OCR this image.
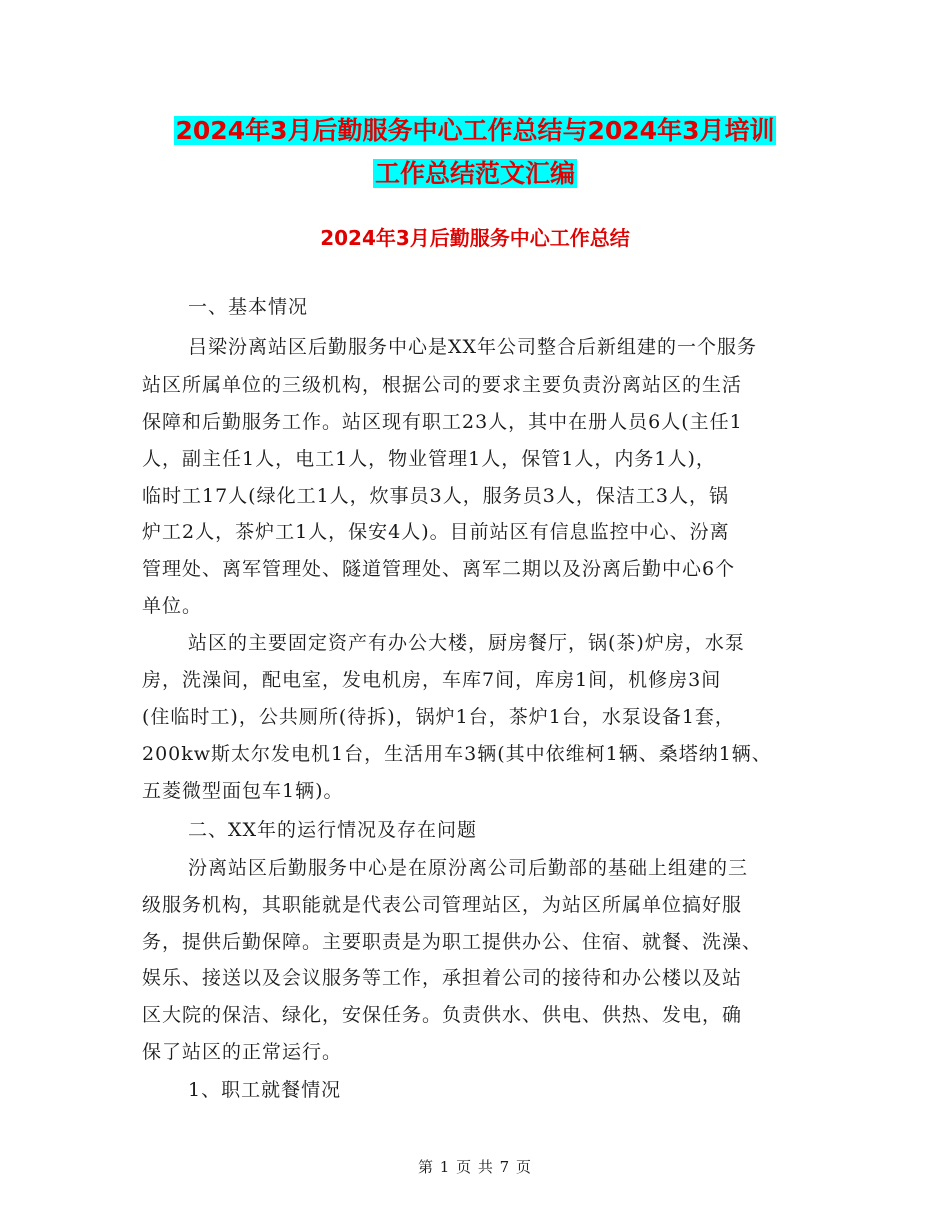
2024年3月后勤服务中心工作总结与2024年3月培训
工作总结范文汇编
2024年3月后勤服务中心工作总结
一、基本情况
吕梁汾离站区后勤服务中心是XX年公司整合后新组建的一个服务
站区所属单位的三级机构，根据公司的要求主要负责汾离站区的生活
保障和后勤服务工作。站区现有职工23人，其中在册人员6人(主任1
人，副主任1人，电工1人，物业管理1人，保管1人，内务1人)，
临时工17人(绿化工1人，炊事员3人，服务员3人，保洁工3人，锅
炉工2人，茶炉工1人，保安4人)。目前站区有信息监控中心、汾离
管理处、离军管理处、隧道管理处、离军二期以及汾离后勤中心6个
单位。
站区的主要固定资产有办公大楼，厨房餐厅，锅(茶)炉房，水泵
房，洗澡间，配电室，发电机房，车库7间，库房1间，机修房3间
(住临时工)，公共厕所(待拆)，锅炉1台，茶炉1台，水泵设备1套，
200kw斯太尔发电机1台，生活用车3辆(其中依维柯1辆、桑塔纳1辆、
五菱微型面包车1辆)。
二、XX年的运行情况及存在问题
汾离站区后勤服务中心是在原汾离公司后勤部的基础上组建的三
级服务机构，其职能就是代表公司管理站区，为站区所属单位搞好服
务，提供后勤保障。主要职责是为职工提供办公、住宿、就餐、洗澡、
娱乐、接送以及会议服务等工作，承担着公司的接待和办公楼以及站
区大院的保洁、绿化，安保任务。负责供水、供电、供热、发电，确
保了站区的正常运行。
1、职工就餐情况
第 1 页 共 7 页
